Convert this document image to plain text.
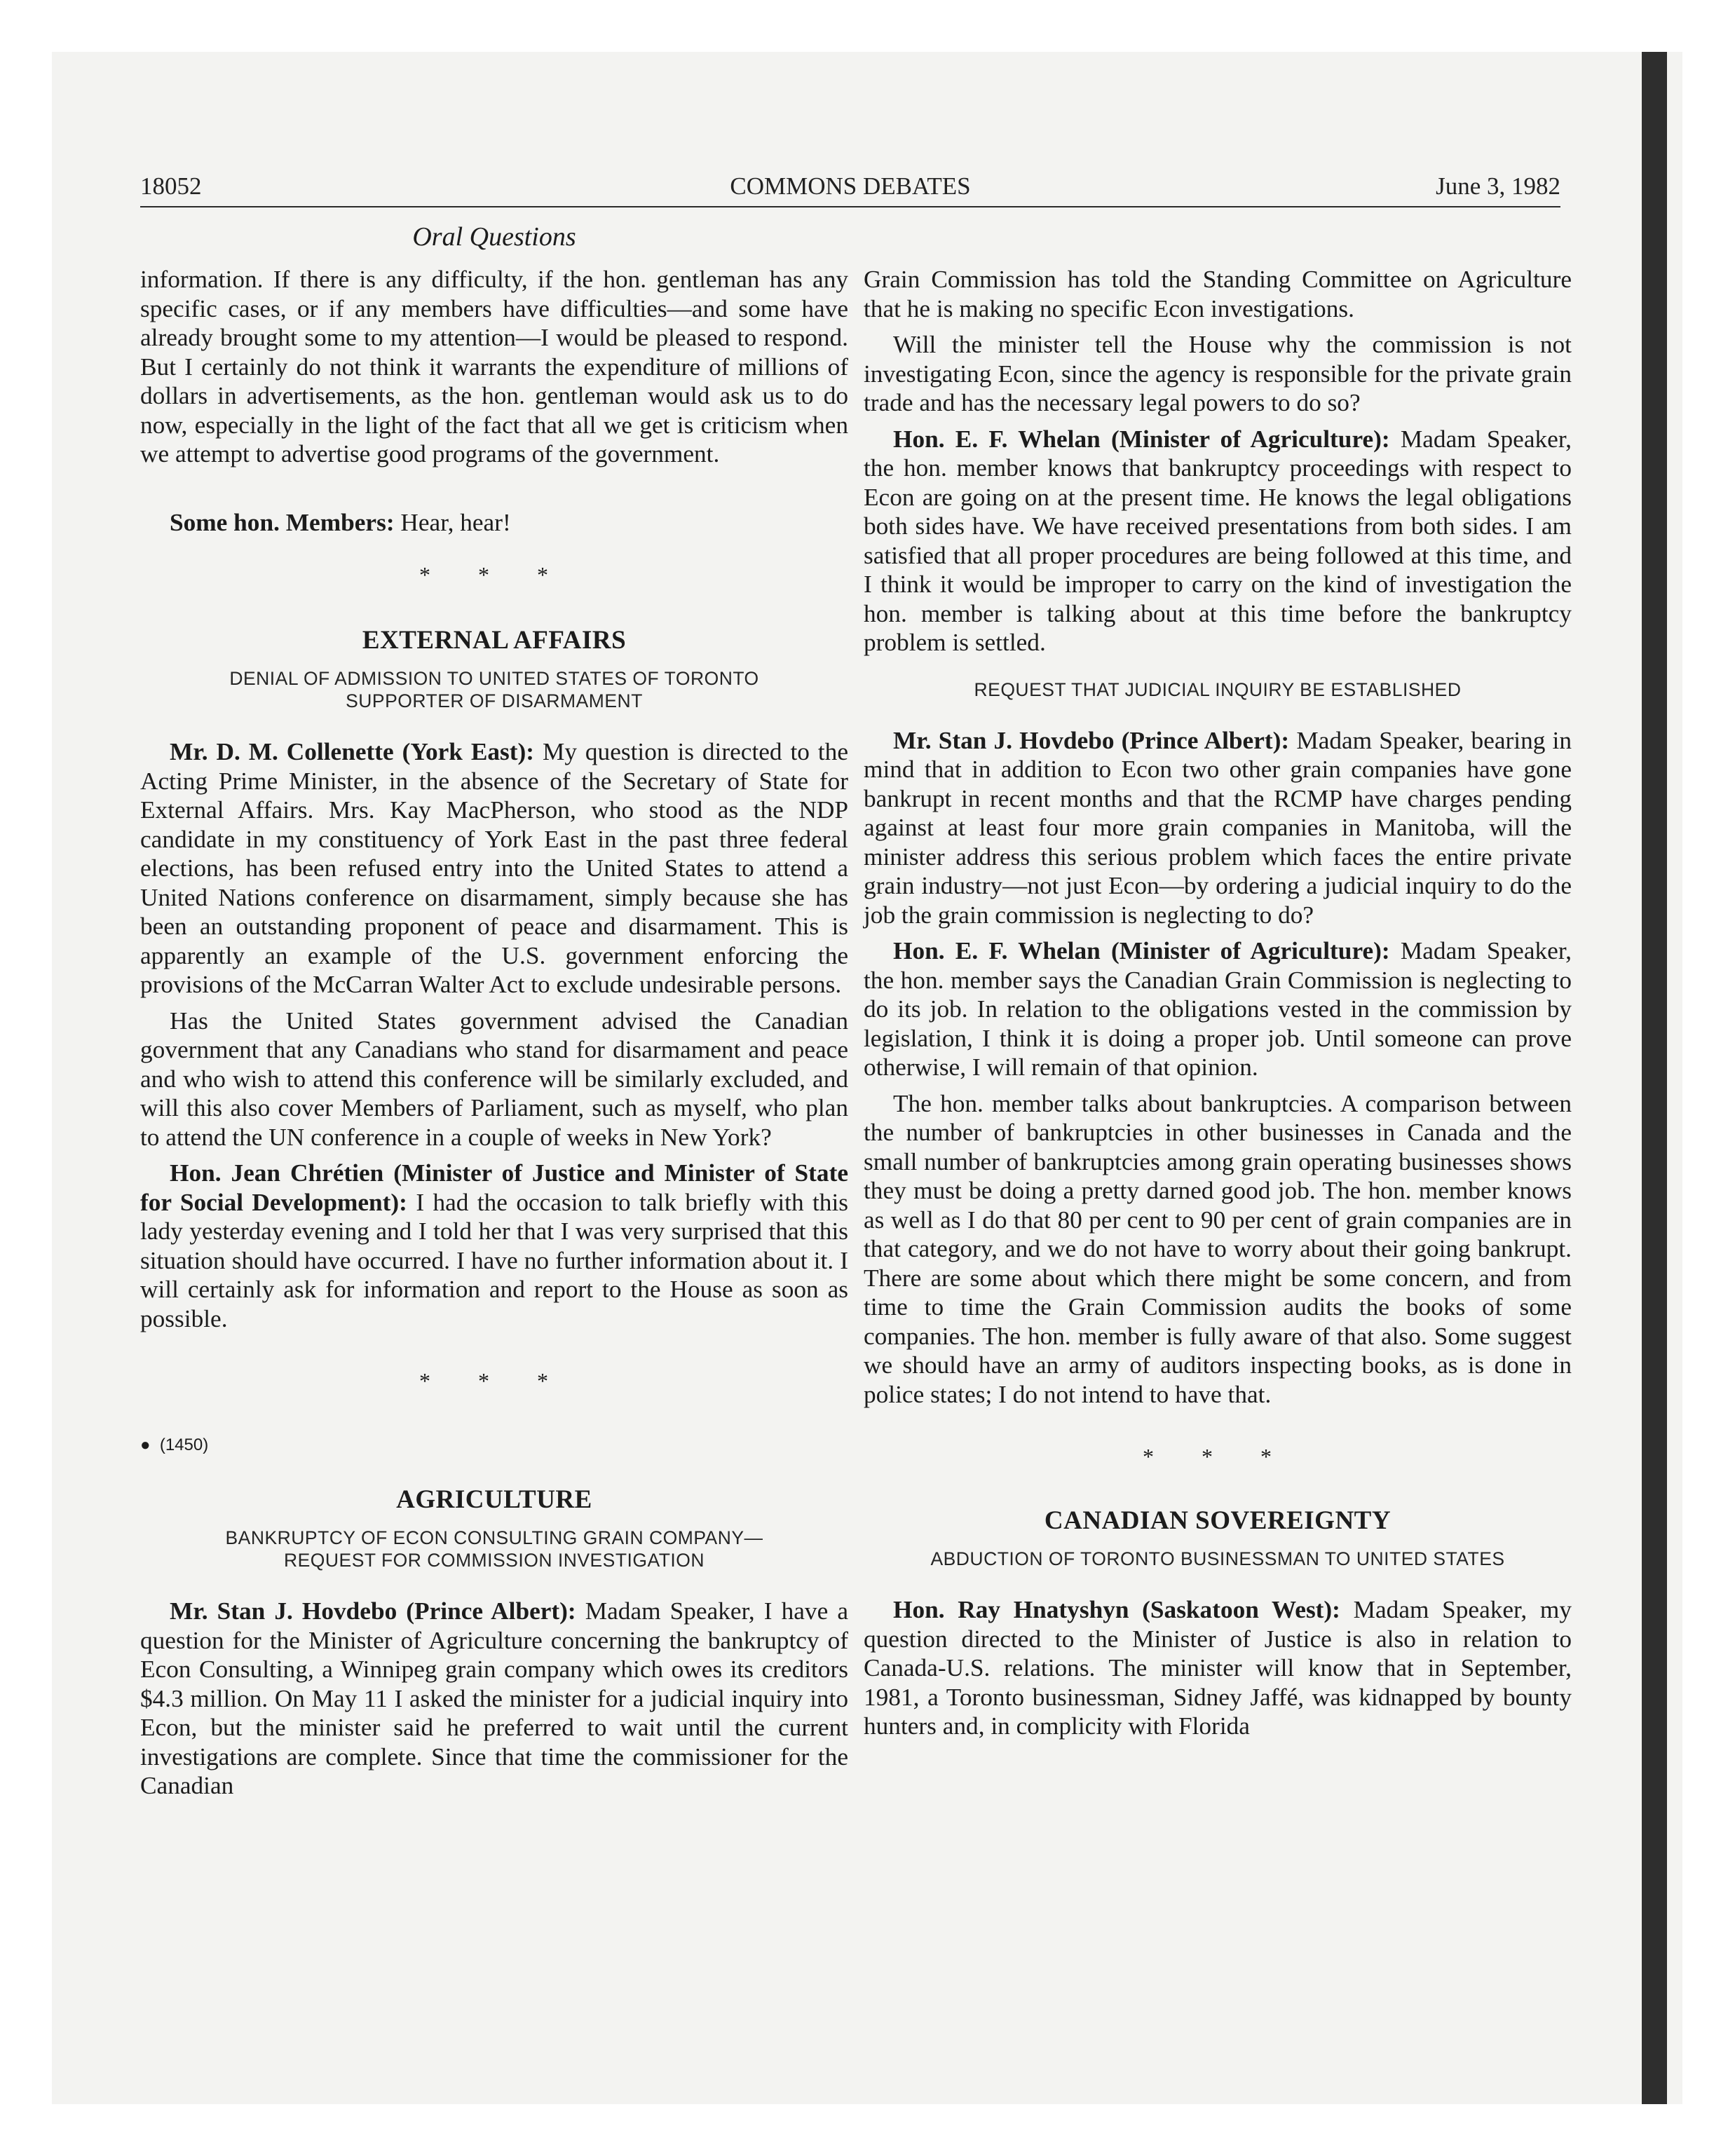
18052	COMMONS DEBATES	June 3, 1982
Oral Questions

information. If there is any difficulty, if the hon. gentleman has any specific cases, or if any members have difficulties—and some have already brought some to my attention—I would be pleased to respond. But I certainly do not think it warrants the expenditure of millions of dollars in advertisements, as the hon. gentleman would ask us to do now, especially in the light of the fact that all we get is criticism when we attempt to advertise good programs of the government.

Some hon. Members: Hear, hear!

* * *
EXTERNAL AFFAIRS
DENIAL OF ADMISSION TO UNITED STATES OF TORONTO
SUPPORTER OF DISARMAMENT

Mr. D. M. Collenette (York East): My question is directed to the Acting Prime Minister, in the absence of the Secretary of State for External Affairs. Mrs. Kay MacPherson, who stood as the NDP candidate in my constituency of York East in the past three federal elections, has been refused entry into the United States to attend a United Nations conference on disarmament, simply because she has been an outstanding proponent of peace and disarmament. This is apparently an example of the U.S. government enforcing the provisions of the McCarran Walter Act to exclude undesirable persons.

Has the United States government advised the Canadian government that any Canadians who stand for disarmament and peace and who wish to attend this conference will be similarly excluded, and will this also cover Members of Parliament, such as myself, who plan to attend the UN conference in a couple of weeks in New York?

Hon. Jean Chrétien (Minister of Justice and Minister of State for Social Development): I had the occasion to talk briefly with this lady yesterday evening and I told her that I was very surprised that this situation should have occurred. I have no further information about it. I will certainly ask for information and report to the House as soon as possible.

* * *
● (1450)
AGRICULTURE
BANKRUPTCY OF ECON CONSULTING GRAIN COMPANY—
REQUEST FOR COMMISSION INVESTIGATION

Mr. Stan J. Hovdebo (Prince Albert): Madam Speaker, I have a question for the Minister of Agriculture concerning the bankruptcy of Econ Consulting, a Winnipeg grain company which owes its creditors $4.3 million. On May 11 I asked the minister for a judicial inquiry into Econ, but the minister said he preferred to wait until the current investigations are complete. Since that time the commissioner for the Canadian

Grain Commission has told the Standing Committee on Agriculture that he is making no specific Econ investigations.

Will the minister tell the House why the commission is not investigating Econ, since the agency is responsible for the private grain trade and has the necessary legal powers to do so?

Hon. E. F. Whelan (Minister of Agriculture): Madam Speaker, the hon. member knows that bankruptcy proceedings with respect to Econ are going on at the present time. He knows the legal obligations both sides have. We have received presentations from both sides. I am satisfied that all proper procedures are being followed at this time, and I think it would be improper to carry on the kind of investigation the hon. member is talking about at this time before the bankruptcy problem is settled.

REQUEST THAT JUDICIAL INQUIRY BE ESTABLISHED

Mr. Stan J. Hovdebo (Prince Albert): Madam Speaker, bearing in mind that in addition to Econ two other grain companies have gone bankrupt in recent months and that the RCMP have charges pending against at least four more grain companies in Manitoba, will the minister address this serious problem which faces the entire private grain industry—not just Econ—by ordering a judicial inquiry to do the job the grain commission is neglecting to do?

Hon. E. F. Whelan (Minister of Agriculture): Madam Speaker, the hon. member says the Canadian Grain Commission is neglecting to do its job. In relation to the obligations vested in the commission by legislation, I think it is doing a proper job. Until someone can prove otherwise, I will remain of that opinion.

The hon. member talks about bankruptcies. A comparison between the number of bankruptcies in other businesses in Canada and the small number of bankruptcies among grain operating businesses shows they must be doing a pretty darned good job. The hon. member knows as well as I do that 80 per cent to 90 per cent of grain companies are in that category, and we do not have to worry about their going bankrupt. There are some about which there might be some concern, and from time to time the Grain Commission audits the books of some companies. The hon. member is fully aware of that also. Some suggest we should have an army of auditors inspecting books, as is done in police states; I do not intend to have that.

* * *
CANADIAN SOVEREIGNTY
ABDUCTION OF TORONTO BUSINESSMAN TO UNITED STATES

Hon. Ray Hnatyshyn (Saskatoon West): Madam Speaker, my question directed to the Minister of Justice is also in relation to Canada-U.S. relations. The minister will know that in September, 1981, a Toronto businessman, Sidney Jaffé, was kidnapped by bounty hunters and, in complicity with Florida
